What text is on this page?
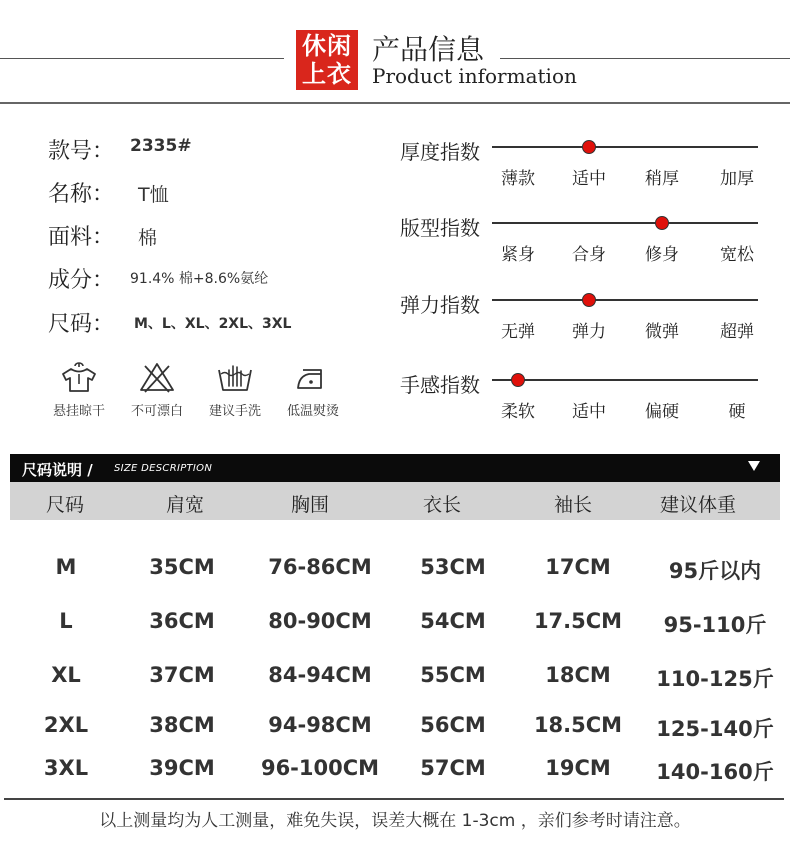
休闲
上衣
产品信息
Product information
款号： 2335#
名称： T恤
面料： 棉
成分： 91.4% 棉+8.6%氨纶
尺码： M、L、XL、2XL、3XL
悬挂晾干	不可漂白	建议手洗	低温熨烫
厚度指数
薄款	适中	稍厚	加厚
版型指数
紧身	合身	修身	宽松
弹力指数
无弹	弹力	微弹	超弹
手感指数
柔软	适中	偏硬	硬
尺码说明 / SIZE DESCRIPTION
尺码	肩宽	胸围	衣长	袖长	建议体重
M	35CM	76-86CM 53CM	17CM	95斤以内
L	36CM	80-90CM 54CM 17.5CM 95-110斤
XL	37CM	84-94CM 55CM	18CM 110-125斤
2XL	38CM	94-98CM 56CM 18.5CM 125-140斤
3XL	39CM 96-100CM 57CM	19CM 140-160斤
以上测量均为人工测量，难免失误，误差大概在 1-3cm ，亲们参考时请注意。
